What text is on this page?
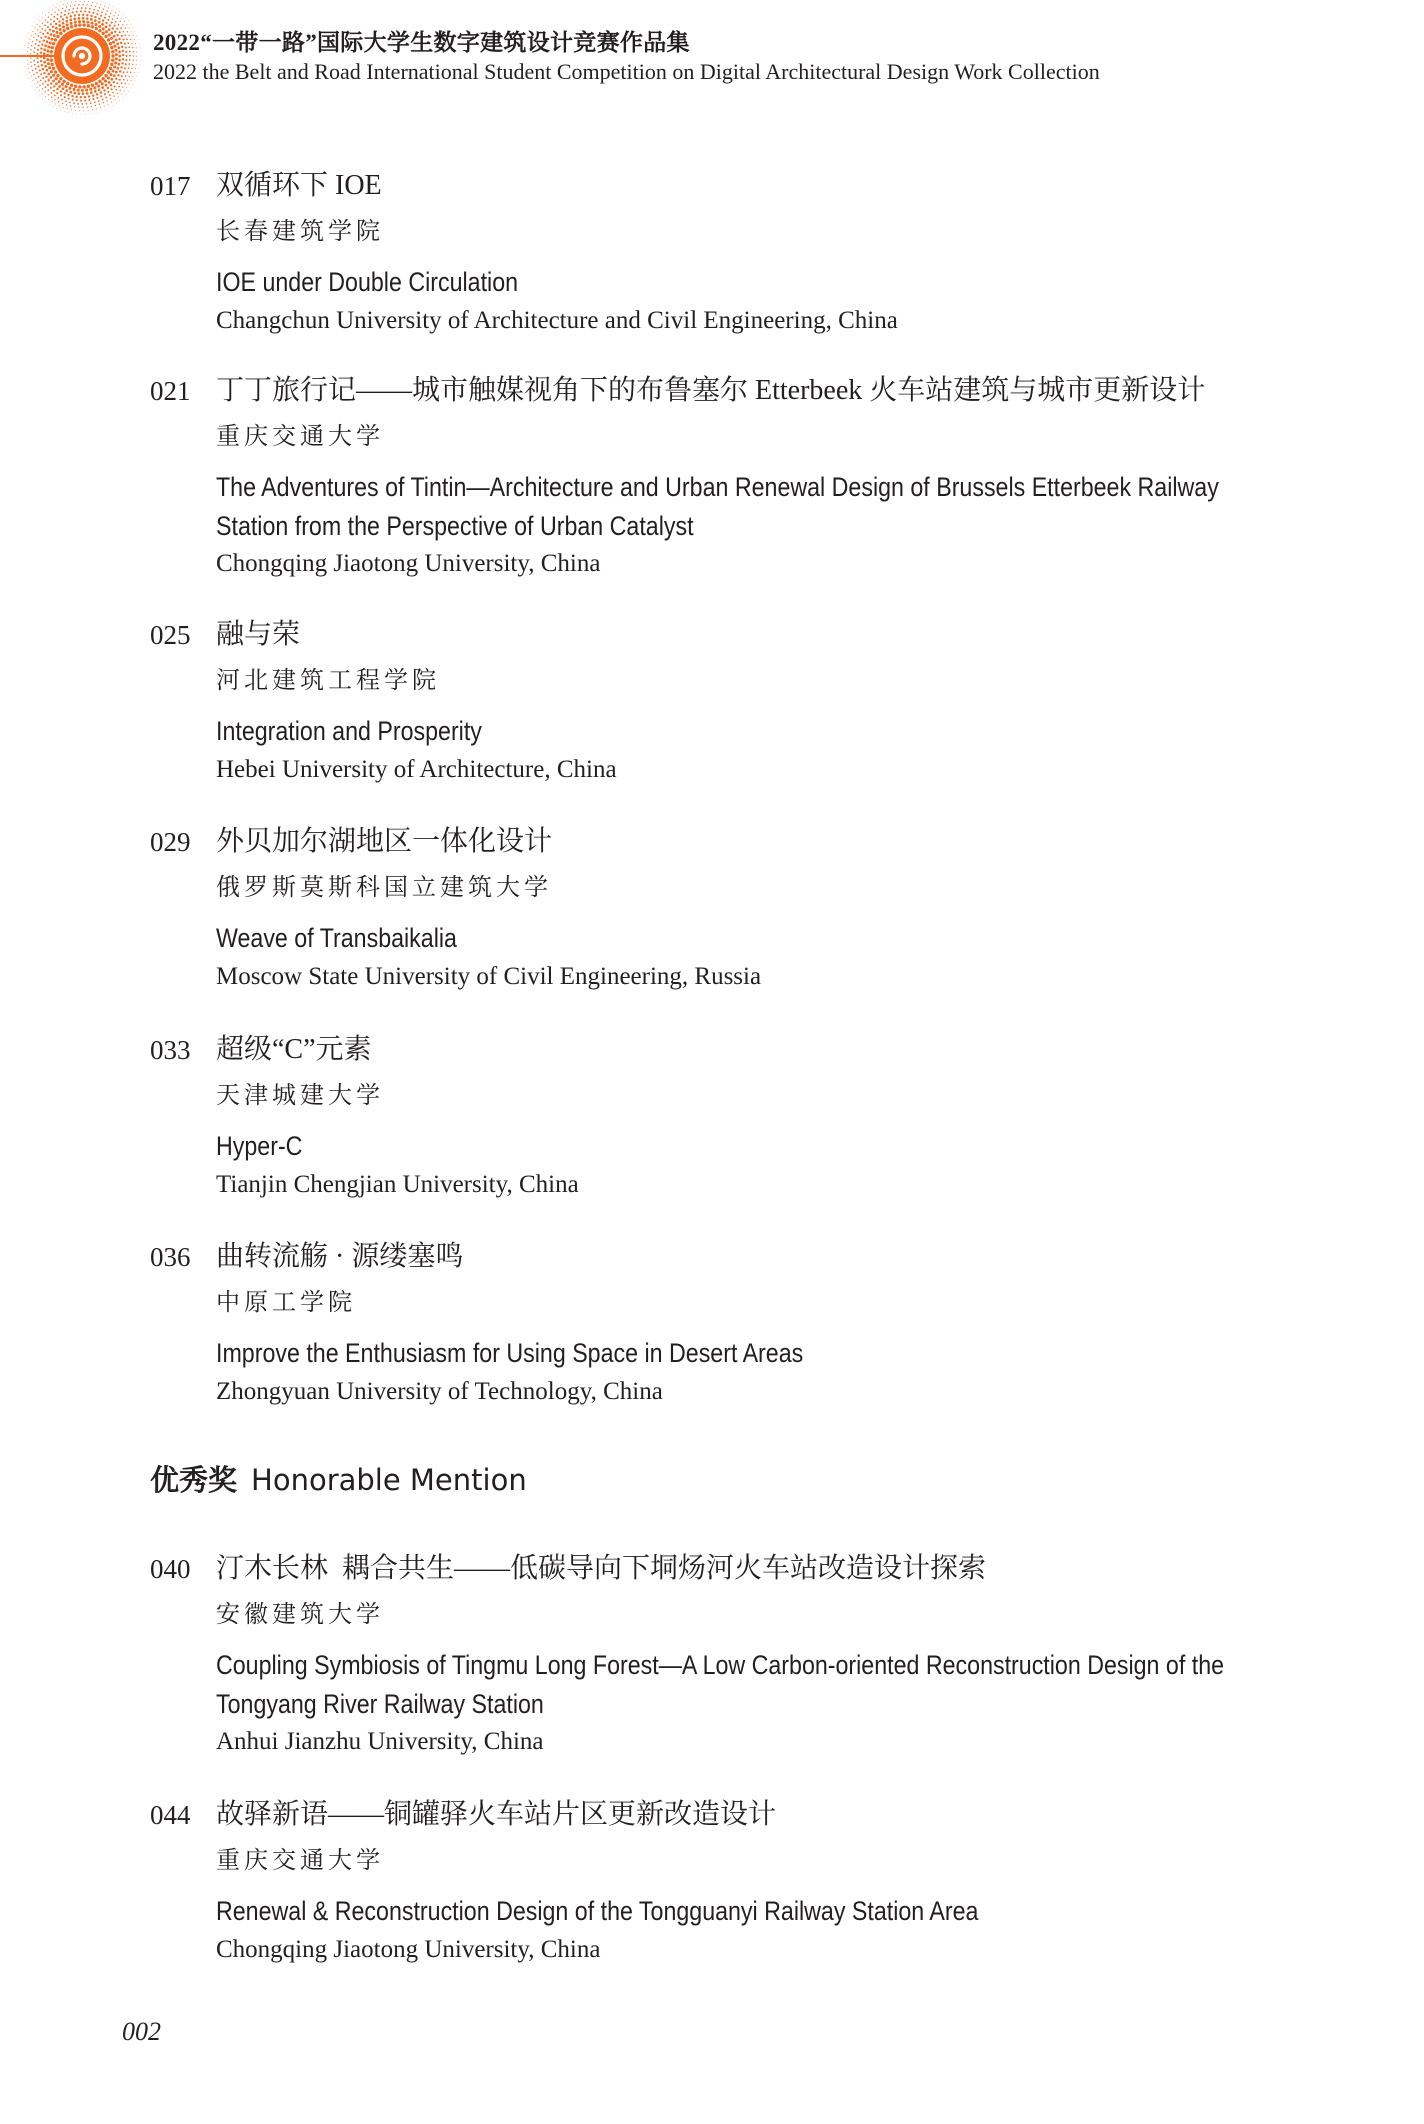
2022“一带一路”国际大学生数字建筑设计竞赛作品集
2022 the Belt and Road International Student Competition on Digital Architectural Design Work Collection
017 双循环下 IOE
长春建筑学院
IOE under Double Circulation
Changchun University of Architecture and Civil Engineering, China
021 丁丁旅行记——城市触媒视角下的布鲁塞尔 Etterbeek 火车站建筑与城市更新设计
重庆交通大学
The Adventures of Tintin—Architecture and Urban Renewal Design of Brussels Etterbeek Railway Station from the Perspective of Urban Catalyst
Chongqing Jiaotong University, China
025 融与荣
河北建筑工程学院
Integration and Prosperity
Hebei University of Architecture, China
029 外贝加尔湖地区一体化设计
俄罗斯莫斯科国立建筑大学
Weave of Transbaikalia
Moscow State University of Civil Engineering, Russia
033 超级“C”元素
天津城建大学
Hyper-C
Tianjin Chengjian University, China
036 曲转流觞 · 源缕塞鸣
中原工学院
Improve the Enthusiasm for Using Space in Desert Areas
Zhongyuan University of Technology, China
优秀奖 Honorable Mention
040 汀木长林  耦合共生——低碳导向下垌炀河火车站改造设计探索
安徽建筑大学
Coupling Symbiosis of Tingmu Long Forest—A Low Carbon-oriented Reconstruction Design of the Tongyang River Railway Station
Anhui Jianzhu University, China
044 故驿新语——铜罐驿火车站片区更新改造设计
重庆交通大学
Renewal & Reconstruction Design of the Tongguanyi Railway Station Area
Chongqing Jiaotong University, China
002
